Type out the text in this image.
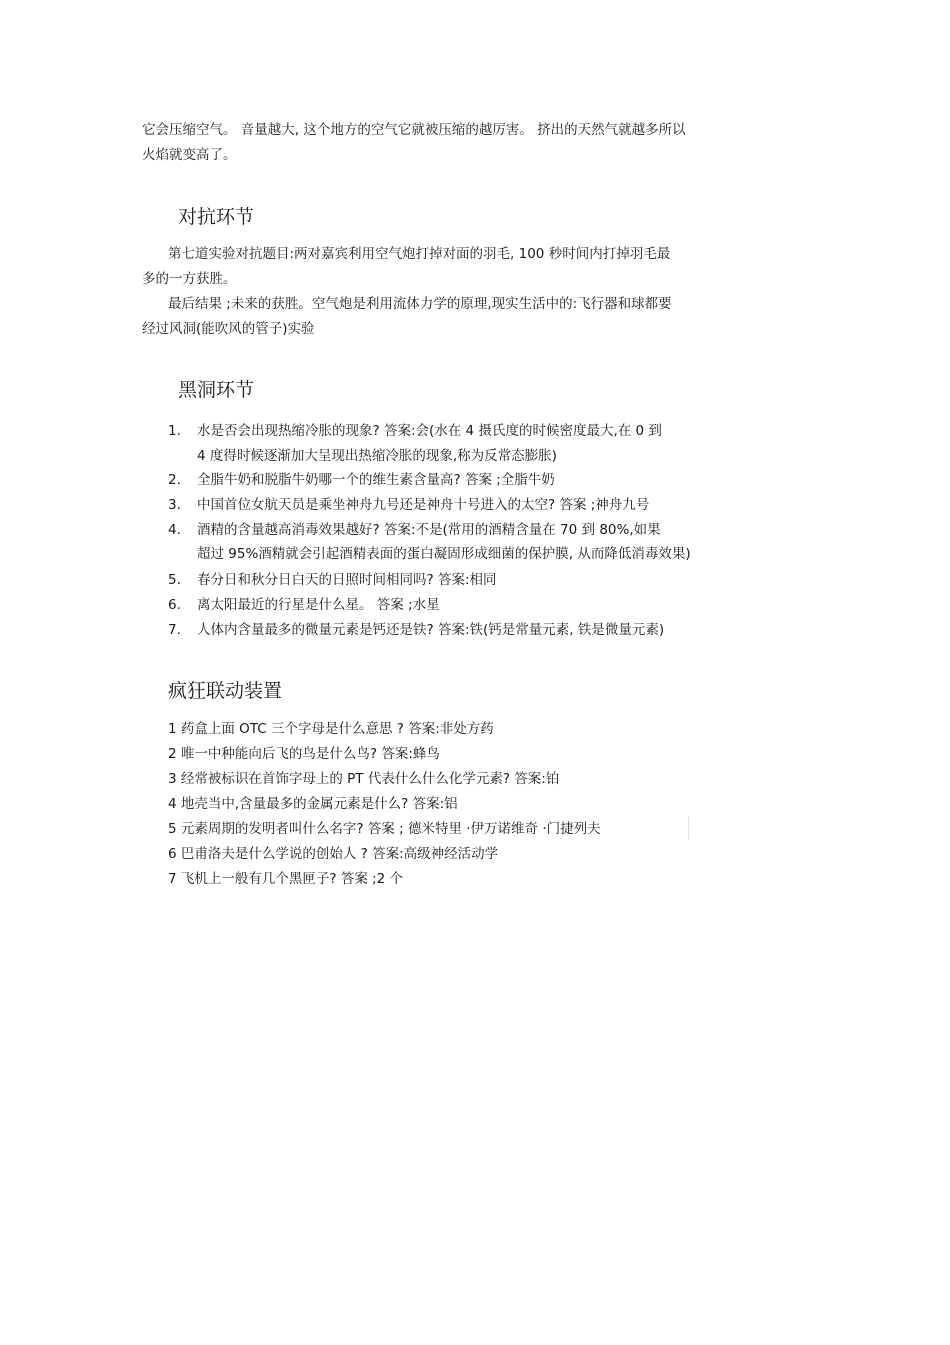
它会压缩空气。 音量越大, 这个地方的空气它就被压缩的越厉害。 挤出的天然气就越多所以

火焰就变高了。

对抗环节

第七道实验对抗题目:两对嘉宾利用空气炮打掉对面的羽毛, 100 秒时间内打掉羽毛最

多的一方获胜。

最后结果 ;未来的获胜。空气炮是利用流体力学的原理,现实生活中的:飞行器和球都要

经过风洞(能吹风的管子)实验

黑洞环节
1. 水是否会出现热缩冷胀的现象? 答案:会(水在 4 摄氏度的时候密度最大,在 0 到
4 度得时候逐渐加大呈现出热缩冷胀的现象,称为反常态膨胀)
2. 全脂牛奶和脱脂牛奶哪一个的维生素含量高? 答案 ;全脂牛奶
3. 中国首位女航天员是乘坐神舟九号还是神舟十号进入的太空? 答案 ;神舟九号
4. 酒精的含量越高消毒效果越好? 答案:不是(常用的酒精含量在 70 到 80%,如果
超过 95%酒精就会引起酒精表面的蛋白凝固形成细菌的保护膜, 从而降低消毒效果)
5. 春分日和秋分日白天的日照时间相同吗? 答案:相同
6. 离太阳最近的行星是什么星。 答案 ;水星
7. 人体内含量最多的微量元素是钙还是铁? 答案:铁(钙是常量元素, 铁是微量元素)
疯狂联动装置
1 药盒上面 OTC 三个字母是什么意思 ? 答案:非处方药
2 唯一中种能向后飞的鸟是什么鸟? 答案:蜂鸟
3 经常被标识在首饰字母上的 PT 代表什么什么化学元素? 答案:铂
4 地壳当中,含量最多的金属元素是什么? 答案:铝
5 元素周期的发明者叫什么名字? 答案 ; 德米特里 ·伊万诺维奇 ·门捷列夫
6 巴甫洛夫是什么学说的创始人 ? 答案:高级神经活动学
7 飞机上一般有几个黑匣子? 答案 ;2 个
